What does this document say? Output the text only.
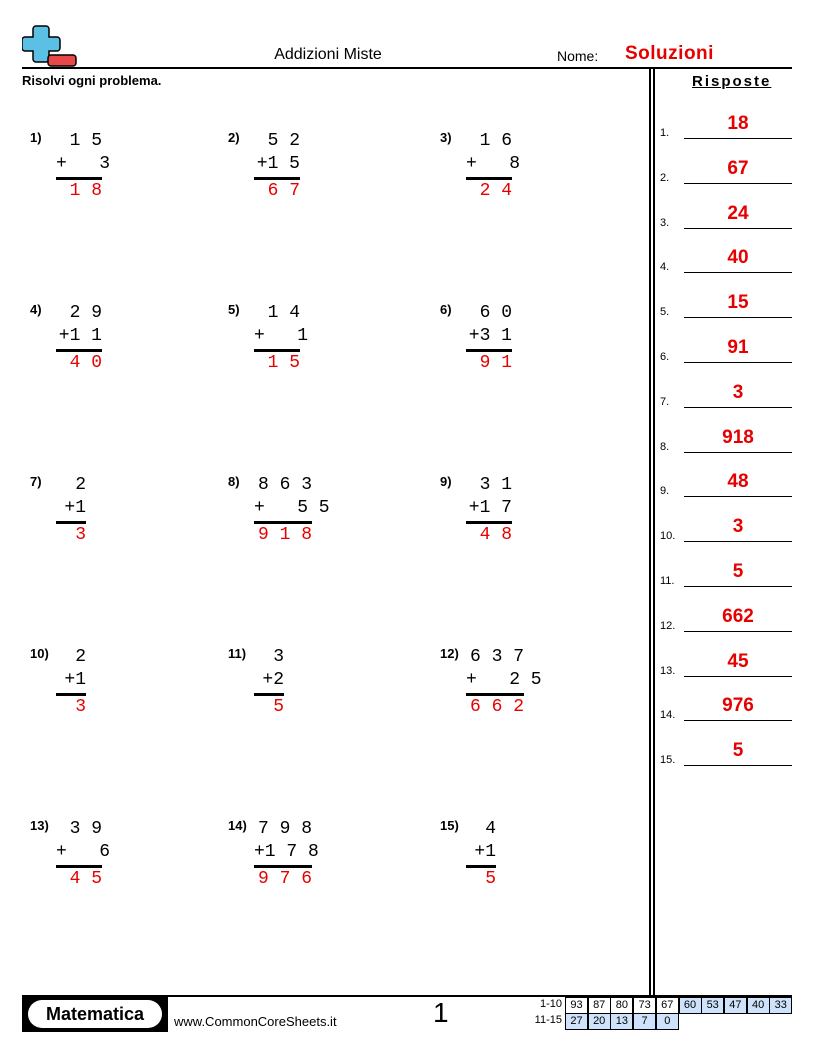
Addizioni Miste	Nome: Soluzioni
Risolvi ogni problema.	Risposte
1)	1 5
+   3
1 8
2)	5 2
+1 5
6 7
3)	1 6
+   8
2 4
4)	2 9
+1 1
4 0
5)	1 4
+   1
1 5
6)	6 0
+3 1
9 1
7)	2
+1
3
8) 8 6 3
+   5 5
9 1 8
9)	3 1
+1 7
4 8
10)	2
+1
3
11)	3
+2
5
12) 6 3 7
+   2 5
6 6 2
13)	3 9
+   6
4 5
14) 7 9 8
+1 7 8
9 7 6
15)	4
+1
5
1.	18
2.	67
3.	24
4.	40
5.	15
6.	91
7.	3
8.	918
9.	48
10.	3
11.	5
12.	662
13.	45
14.	976
15.	5
Matematica	www.CommonCoreSheets.it	1	1-10 93 87 80 73 67 60 53 47 40 33
11-15 27 20 13	7	0
